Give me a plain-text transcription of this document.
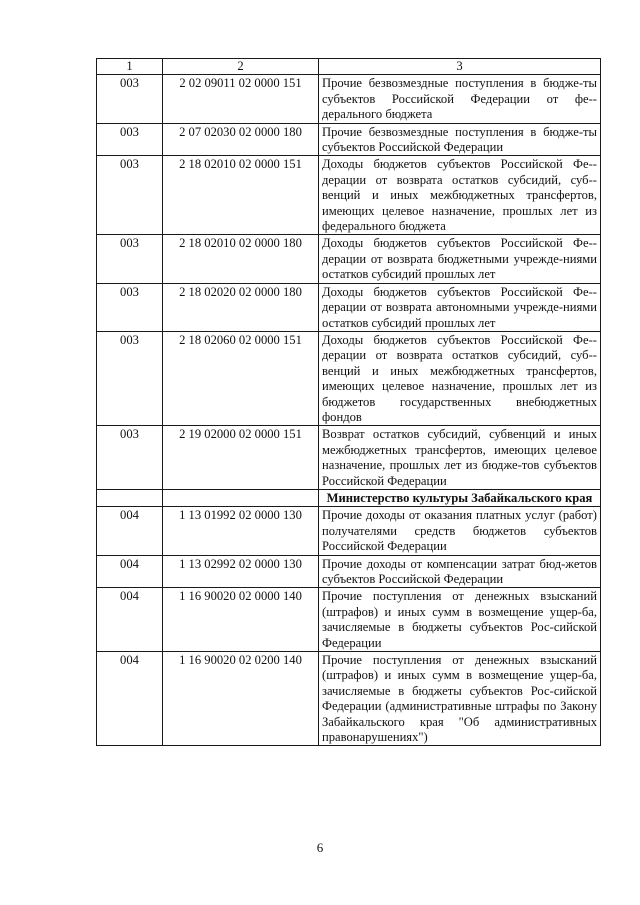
1	2	3
003	2 02 09011 02 0000 151	Прочие безвозмездные поступления в бюдже-ты субъектов Российской Федерации от фе-дерального бюджета
003	2 07 02030 02 0000 180	Прочие безвозмездные поступления в бюдже-ты субъектов Российской Федерации
003	2 18 02010 02 0000 151	Доходы бюджетов субъектов Российской Фе-дерации от возврата остатков субсидий, суб-венций и иных межбюджетных трансфертов, имеющих целевое назначение, прошлых лет из федерального бюджета
003	2 18 02010 02 0000 180	Доходы бюджетов субъектов Российской Фе-дерации от возврата бюджетными учрежде-ниями остатков субсидий прошлых лет
003	2 18 02020 02 0000 180	Доходы бюджетов субъектов Российской Фе-дерации от возврата автономными учрежде-ниями остатков субсидий прошлых лет
003	2 18 02060 02 0000 151	Доходы бюджетов субъектов Российской Фе-дерации от возврата остатков субсидий, суб-венций и иных межбюджетных трансфертов, имеющих целевое назначение, прошлых лет из бюджетов государственных внебюджетных фондов
003	2 19 02000 02 0000 151	Возврат остатков субсидий, субвенций и иных межбюджетных трансфертов, имеющих целевое назначение, прошлых лет из бюдже-тов субъектов Российской Федерации
		Министерство культуры Забайкальского края
004	1 13 01992 02 0000 130	Прочие доходы от оказания платных услуг (работ) получателями средств бюджетов субъектов Российской Федерации
004	1 13 02992 02 0000 130	Прочие доходы от компенсации затрат бюд-жетов субъектов Российской Федерации
004	1 16 90020 02 0000 140	Прочие поступления от денежных взысканий (штрафов) и иных сумм в возмещение ущер-ба, зачисляемые в бюджеты субъектов Рос-сийской Федерации
004	1 16 90020 02 0200 140	Прочие поступления от денежных взысканий (штрафов) и иных сумм в возмещение ущер-ба, зачисляемые в бюджеты субъектов Рос-сийской Федерации (административные штрафы по Закону Забайкальского края "Об административных правонарушениях")
6
